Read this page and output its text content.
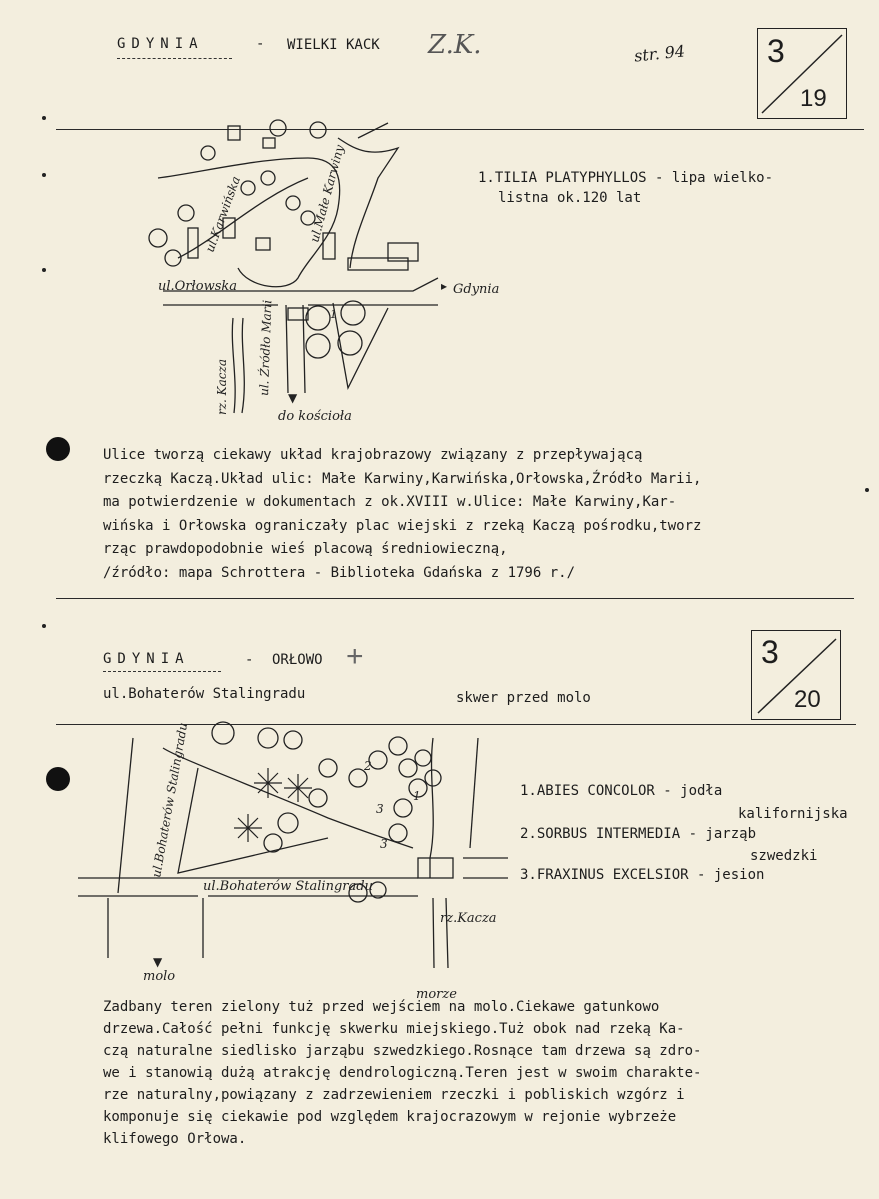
GDYNIA	- WIELKI KACK Z.K.	str. 94	3
19
ul.Orłowska	Gdynia
▸
ul.Karwińska	ul.Małe Karwiny
ul. Źródło Marii
rz. Kacza
do kościoła
▼
1
1.TILIA PLATYPHYLLOS - lipa wielko-
listna ok.120 lat
Ulice tworzą ciekawy układ krajobrazowy związany z przepływającą
rzeczką Kaczą.Układ ulic: Małe Karwiny,Karwińska,Orłowska,Źródło Marii,
ma potwierdzenie w dokumentach z ok.XVIII w.Ulice: Małe Karwiny,Kar-
wińska i Orłowska ograniczały plac wiejski z rzeką Kaczą pośrodku,tworz
rząc prawdopodobnie wieś placową średniowieczną,
/źródło: mapa Schrottera - Biblioteka Gdańska z 1796 r./
GDYNIA	- ORŁOWO +
ul.Bohaterów Stalingradu	skwer przed molo
3
20
ul.Bohaterów Stalingradu
ul.Bohaterów Stalingradu
rz.Kacza
molo
▼
morze
2
3
3
1	1.ABIES CONCOLOR - jodła
kalifornijska
2.SORBUS INTERMEDIA - jarząb
szwedzki
3.FRAXINUS EXCELSIOR - jesion
Zadbany teren zielony tuż przed wejściem na molo.Ciekawe gatunkowo
drzewa.Całość pełni funkcję skwerku miejskiego.Tuż obok nad rzeką Ka-
czą naturalne siedlisko jarząbu szwedzkiego.Rosnące tam drzewa są zdro-
we i stanowią dużą atrakcję dendrologiczną.Teren jest w swoim charakte-
rze naturalny,powiązany z zadrzewieniem rzeczki i pobliskich wzgórz i
komponuje się ciekawie pod względem krajocrazowym w rejonie wybrzeże
klifowego Orłowa.
